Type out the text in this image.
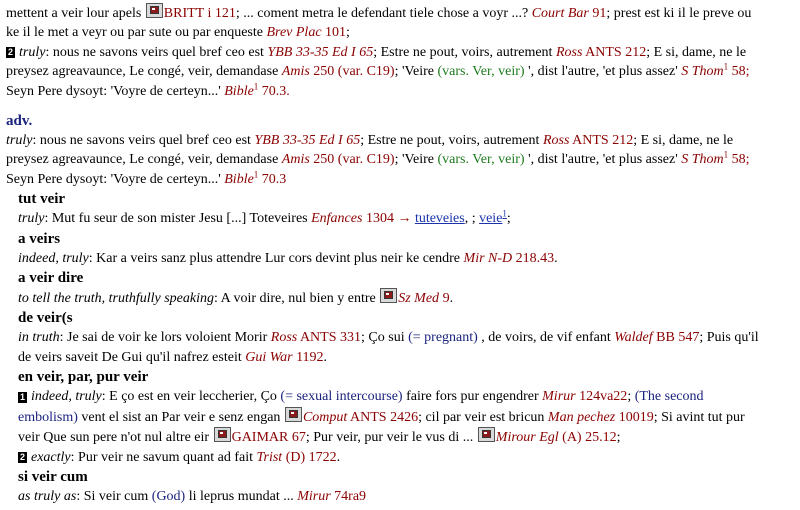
mettent a veir lour apels BRITT i 121; ... coment metra le defendant tiele chose a voyr ...? Court Bar 91; prest est ki il le preve ou
ke il le met a veyr ou par sute ou par enqueste Brev Plac 101;
2 truly: nous ne savons veirs quel bref ceo est YBB 33-35 Ed I 65; Estre ne pout, voirs, autrement Ross ANTS 212; E si, dame, ne le
preysez agreavaunce, Le congé, veir, demandase Amis 250 (var. C19); 'Veire (vars. Ver, veir) ', dist l'autre, 'et plus assez' S Thom$^1$ 58;
Seyn Pere dysoyt: 'Voyre de certeyn...' Bible$^1$ 70.3.
adv.
truly: nous ne savons veirs quel bref ceo est YBB 33-35 Ed I 65; Estre ne pout, voirs, autrement Ross ANTS 212; E si, dame, ne le
preysez agreavaunce, Le congé, veir, demandase Amis 250 (var. C19); 'Veire (vars. Ver, veir) ', dist l'autre, 'et plus assez' S Thom$^1$ 58;
Seyn Pere dysoyt: 'Voyre de certeyn...' Bible$^1$ 70.3
tut veir
truly: Mut fu seur de son mister Jesu [...] Toteveires Enfances 1304 → tuteveies, ; veie$^1$;
a veirs
indeed, truly: Kar a veirs sanz plus attendre Lur cors devint plus neir ke cendre Mir N-D 218.43.
a veir dire
to tell the truth, truthfully speaking: A voir dire, nul bien y entre Sz Med 9.
de veir(s
in truth: Je sai de voir ke lors voloient Morir Ross ANTS 331; Ço sui (= pregnant) , de voirs, de vif enfant Waldef BB 547; Puis qu'il
de veirs saveit De Gui qu'il nafrez esteit Gui War 1192.
en veir, par, pur veir
1 indeed, truly: E ço est en veir leccherier, Ço (= sexual intercourse) faire fors pur engendrer Mirur 124va22; (The second
embolism) vent el sist an Par veir e senz engan Comput ANTS 2426; cil par veir est bricun Man pechez 10019; Si avint tut pur
veir Que sun pere n'ot nul altre eir GAIMAR 67; Pur veir, pur veir le vus di ... Mirour Egl (A) 25.12;
2 exactly: Pur veir ne savum quant ad fait Trist (D) 1722.
si veir cum
as truly as: Si veir cum (God) li leprus mundat ... Mirur 74ra9
